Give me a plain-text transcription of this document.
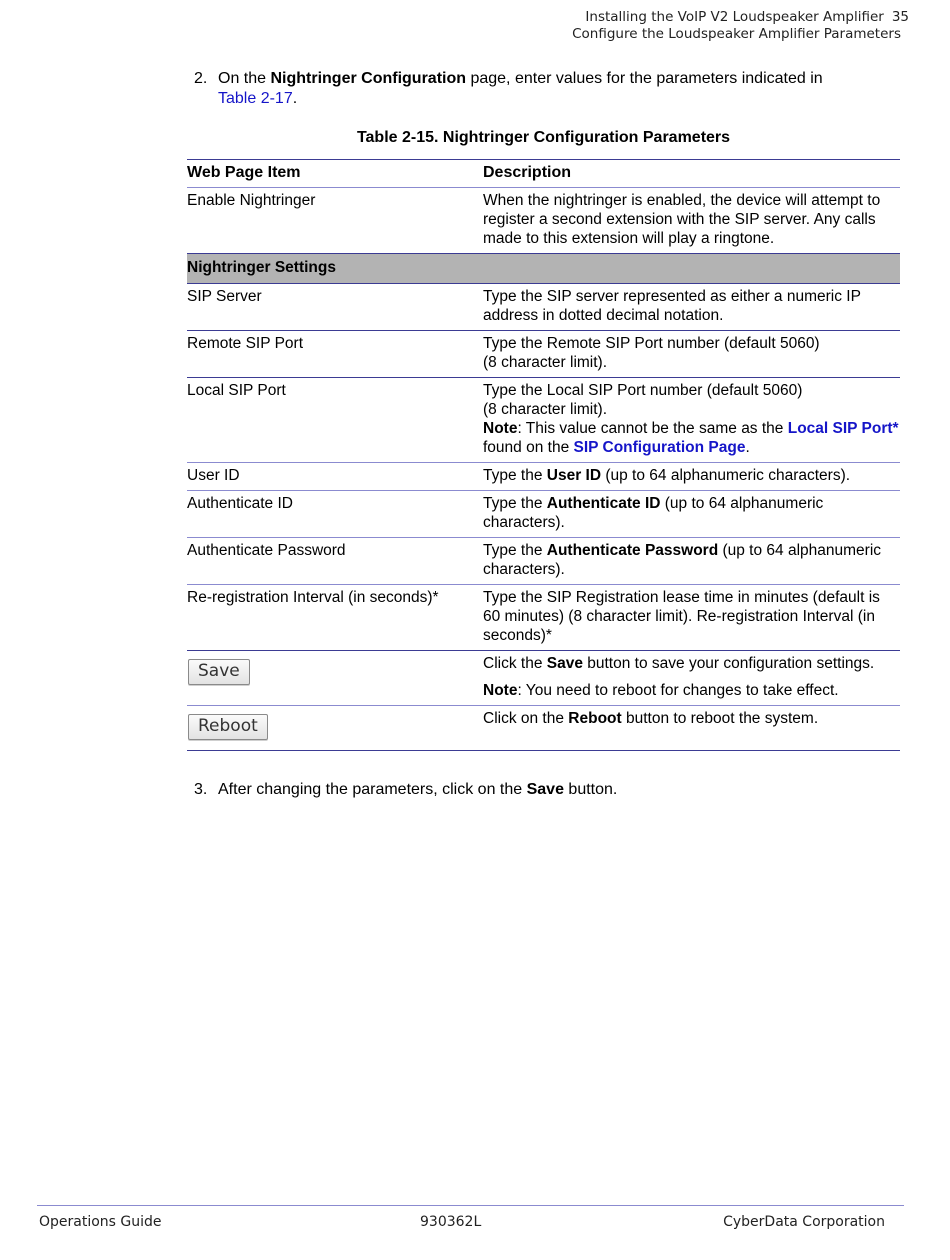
Installing the VoIP V2 Loudspeaker Amplifier 35
Configure the Loudspeaker Amplifier Parameters
2. On the Nightringer Configuration page, enter values for the parameters indicated in Table 2-17.
Table 2-15. Nightringer Configuration Parameters
Web Page Item	Description
Enable Nightringer	When the nightringer is enabled, the device will attempt to register a second extension with the SIP server. Any calls made to this extension will play a ringtone.
Nightringer Settings	
SIP Server	Type the SIP server represented as either a numeric IP address in dotted decimal notation.
Remote SIP Port	Type the Remote SIP Port number (default 5060)
(8 character limit).

Local SIP Port	Type the Local SIP Port number (default 5060)
(8 character limit).
Note: This value cannot be the same as the Local SIP Port* found on the SIP Configuration Page.

User ID	Type the User ID (up to 64 alphanumeric characters).
Authenticate ID	Type the Authenticate ID (up to 64 alphanumeric characters).
Authenticate Password	Type the Authenticate Password (up to 64 alphanumeric characters).
Re-registration Interval (in seconds)*	Type the SIP Registration lease time in minutes (default is 60 minutes) (8 character limit). Re-registration Interval (in seconds)*
Save	Click the Save button to save your configuration settings.
Note: You need to reboot for changes to take effect.

Reboot	Click on the Reboot button to reboot the system.
3. After changing the parameters, click on the Save button.
Operations Guide	930362L	CyberData Corporation
